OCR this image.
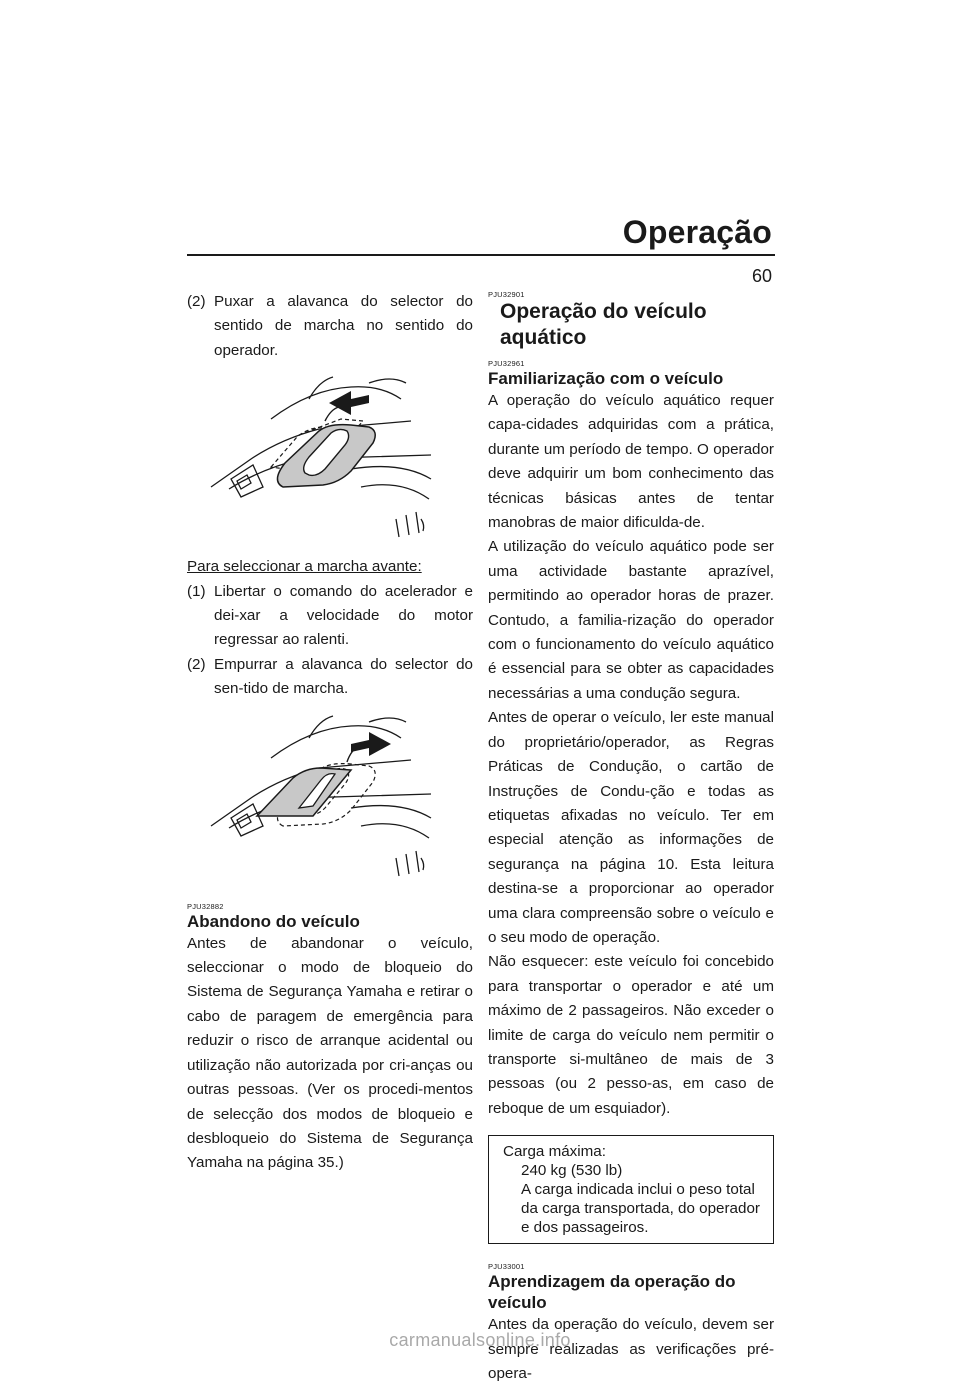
Operação
60
(2) Puxar a alavanca do selector do sentido de marcha no sentido do operador.

Para seleccionar a marcha avante:

(1) Libertar o comando do acelerador e dei-xar a velocidade do motor regressar ao ralenti.
(2) Empurrar a alavanca do selector do sen-tido de marcha.

PJU32882

Abandono do veículo

Antes de abandonar o veículo, seleccionar o modo de bloqueio do Sistema de Segurança Yamaha e retirar o cabo de paragem de emergência para reduzir o risco de arranque acidental ou utilização não autorizada por cri-anças ou outras pessoas. (Ver os procedi-mentos de selecção dos modos de bloqueio e desbloqueio do Sistema de Segurança Yamaha na página 35.)

PJU32901

Operação do veículo aquático

PJU32961

Familiarização com o veículo

A operação do veículo aquático requer capa-cidades adquiridas com a prática, durante um período de tempo. O operador deve adquirir um bom conhecimento das técnicas básicas antes de tentar manobras de maior dificulda-de.

A utilização do veículo aquático pode ser uma actividade bastante aprazível, permitindo ao operador horas de prazer. Contudo, a familia-rização do operador com o funcionamento do veículo aquático é essencial para se obter as capacidades necessárias a uma condução segura.

Antes de operar o veículo, ler este manual do proprietário/operador, as Regras Práticas de Condução, o cartão de Instruções de Condu-ção e todas as etiquetas afixadas no veículo. Ter em especial atenção as informações de segurança na página 10. Esta leitura destina-se a proporcionar ao operador uma clara compreensão sobre o veículo e o seu modo de operação.

Não esquecer: este veículo foi concebido para transportar o operador e até um máximo de 2 passageiros. Não exceder o limite de carga do veículo nem permitir o transporte si-multâneo de mais de 3 pessoas (ou 2 pesso-as, em caso de reboque de um esquiador).

Carga máxima:
240 kg (530 lb)
A carga indicada inclui o peso total da carga transportada, do operador e dos passageiros.

PJU33001

Aprendizagem da operação do veículo

Antes da operação do veículo, devem ser sempre realizadas as verificações pré-opera-

carmanualsonline.info
